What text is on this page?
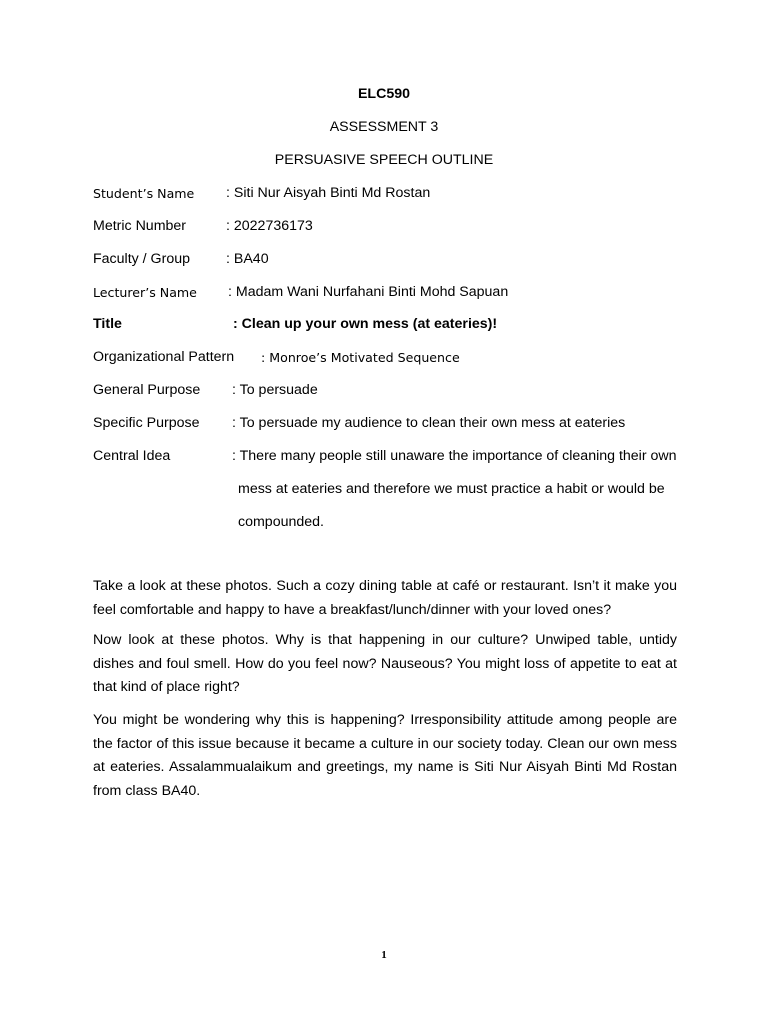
ELC590
ASSESSMENT 3
PERSUASIVE SPEECH OUTLINE
Student’s Name : Siti Nur Aisyah Binti Md Rostan
Metric Number	: 2022736173
Faculty / Group	: BA40
Lecturer’s Name : Madam Wani Nurfahani Binti Mohd Sapuan
Title	: Clean up your own mess (at eateries)!
Organizational Pattern : Monroe’s Motivated Sequence
General Purpose : To persuade
Specific Purpose : To persuade my audience to clean their own mess at eateries
Central Idea	: There many people still unaware the importance of cleaning their own
mess at eateries and therefore we must practice a habit or would be
compounded.

Take a look at these photos. Such a cozy dining table at café or restaurant. Isn’t it make you feel comfortable and happy to have a breakfast/lunch/dinner with your loved ones?

Now look at these photos. Why is that happening in our culture? Unwiped table, untidy dishes and foul smell. How do you feel now? Nauseous? You might loss of appetite to eat at that kind of place right?

You might be wondering why this is happening? Irresponsibility attitude among people are the factor of this issue because it became a culture in our society today. Clean our own mess at eateries. Assalammualaikum and greetings, my name is Siti Nur Aisyah Binti Md Rostan from class BA40.

1
